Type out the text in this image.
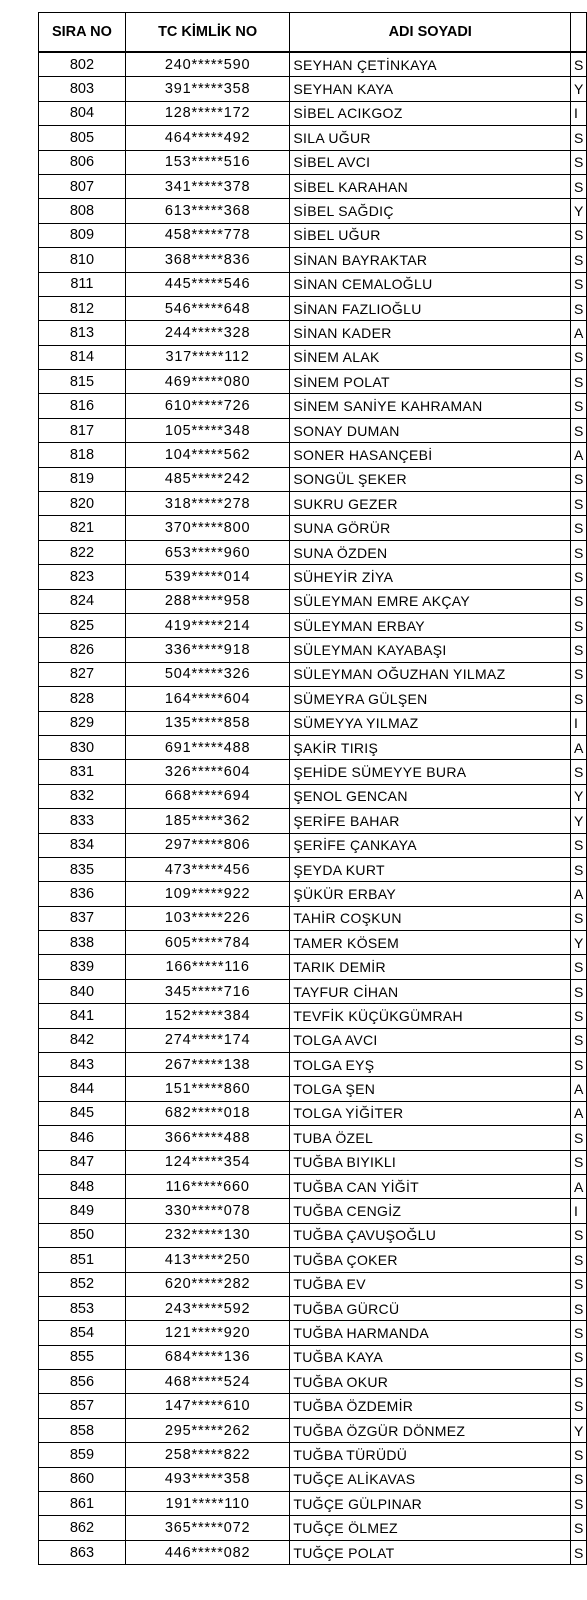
SIRA NO	TC KİMLİK NO	ADI SOYADI	
802	240*****590	SEYHAN ÇETİNKAYA	S
803	391*****358	SEYHAN KAYA	Y
804	128*****172	SİBEL ACIKGOZ	I
805	464*****492	SILA UĞUR	S
806	153*****516	SİBEL AVCI	S
807	341*****378	SİBEL KARAHAN	S
808	613*****368	SİBEL SAĞDIÇ	Y
809	458*****778	SİBEL UĞUR	S
810	368*****836	SİNAN BAYRAKTAR	S
811	445*****546	SİNAN CEMALOĞLU	S
812	546*****648	SİNAN FAZLIOĞLU	S
813	244*****328	SİNAN KADER	A
814	317*****112	SİNEM ALAK	S
815	469*****080	SİNEM POLAT	S
816	610*****726	SİNEM SANİYE KAHRAMAN	S
817	105*****348	SONAY DUMAN	S
818	104*****562	SONER HASANÇEBİ	A
819	485*****242	SONGÜL ŞEKER	S
820	318*****278	SUKRU GEZER	S
821	370*****800	SUNA GÖRÜR	S
822	653*****960	SUNA ÖZDEN	S
823	539*****014	SÜHEYİR ZİYA	S
824	288*****958	SÜLEYMAN EMRE AKÇAY	S
825	419*****214	SÜLEYMAN ERBAY	S
826	336*****918	SÜLEYMAN KAYABAŞI	S
827	504*****326	SÜLEYMAN OĞUZHAN YILMAZ	S
828	164*****604	SÜMEYRA GÜLŞEN	S
829	135*****858	SÜMEYYA YILMAZ	I
830	691*****488	ŞAKİR TIRIŞ	A
831	326*****604	ŞEHİDE SÜMEYYE BURA	S
832	668*****694	ŞENOL GENCAN	Y
833	185*****362	ŞERİFE BAHAR	Y
834	297*****806	ŞERİFE ÇANKAYA	S
835	473*****456	ŞEYDA KURT	S
836	109*****922	ŞÜKÜR ERBAY	A
837	103*****226	TAHİR COŞKUN	S
838	605*****784	TAMER KÖSEM	Y
839	166*****116	TARIK DEMİR	S
840	345*****716	TAYFUR CİHAN	S
841	152*****384	TEVFİK KÜÇÜKGÜMRAH	S
842	274*****174	TOLGA AVCI	S
843	267*****138	TOLGA EYŞ	S
844	151*****860	TOLGA ŞEN	A
845	682*****018	TOLGA YİĞİTER	A
846	366*****488	TUBA ÖZEL	S
847	124*****354	TUĞBA BIYIKLI	S
848	116*****660	TUĞBA CAN YİĞİT	A
849	330*****078	TUĞBA CENGİZ	I
850	232*****130	TUĞBA ÇAVUŞOĞLU	S
851	413*****250	TUĞBA ÇOKER	S
852	620*****282	TUĞBA EV	S
853	243*****592	TUĞBA GÜRCÜ	S
854	121*****920	TUĞBA HARMANDA	S
855	684*****136	TUĞBA KAYA	S
856	468*****524	TUĞBA OKUR	S
857	147*****610	TUĞBA ÖZDEMİR	S
858	295*****262	TUĞBA ÖZGÜR DÖNMEZ	Y
859	258*****822	TUĞBA TÜRÜDÜ	S
860	493*****358	TUĞÇE ALİKAVAS	S
861	191*****110	TUĞÇE GÜLPINAR	S
862	365*****072	TUĞÇE ÖLMEZ	S
863	446*****082	TUĞÇE POLAT	S
